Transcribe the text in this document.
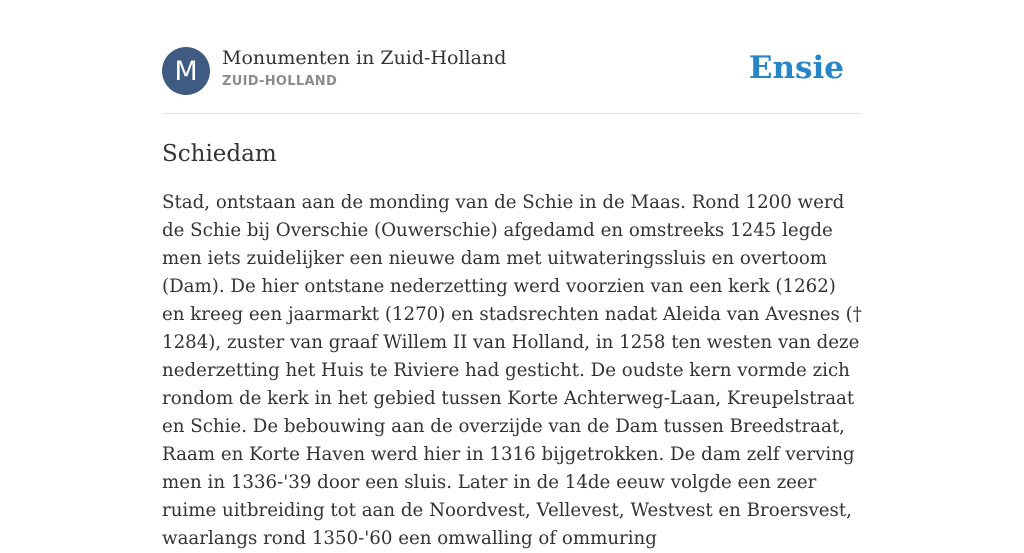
M	Monumenten in Zuid-Holland
ZUID-HOLLAND	Ensie
Schiedam
Stad, ontstaan aan de monding van de Schie in de Maas. Rond 1200 werd de Schie bij Overschie (Ouwerschie) afgedamd en omstreeks 1245 legde men iets zuidelijker een nieuwe dam met uitwateringssluis en overtoom (Dam). De hier ontstane nederzetting werd voorzien van een kerk (1262) en kreeg een jaarmarkt (1270) en stadsrechten nadat Aleida van Avesnes († 1284), zuster van graaf Willem II van Holland, in 1258 ten westen van deze nederzetting het Huis te Riviere had gesticht. De oudste kern vormde zich rondom de kerk in het gebied tussen Korte Achterweg-Laan, Kreupelstraat en Schie. De bebouwing aan de overzijde van de Dam tussen Breedstraat, Raam en Korte Haven werd hier in 1316 bijgetrokken. De dam zelf verving men in 1336-'39 door een sluis. Later in de 14de eeuw volgde een zeer ruime uitbreiding tot aan de Noordvest, Vellevest, Westvest en Broersvest, waarlangs rond 1350-'60 een omwalling of ommuring
